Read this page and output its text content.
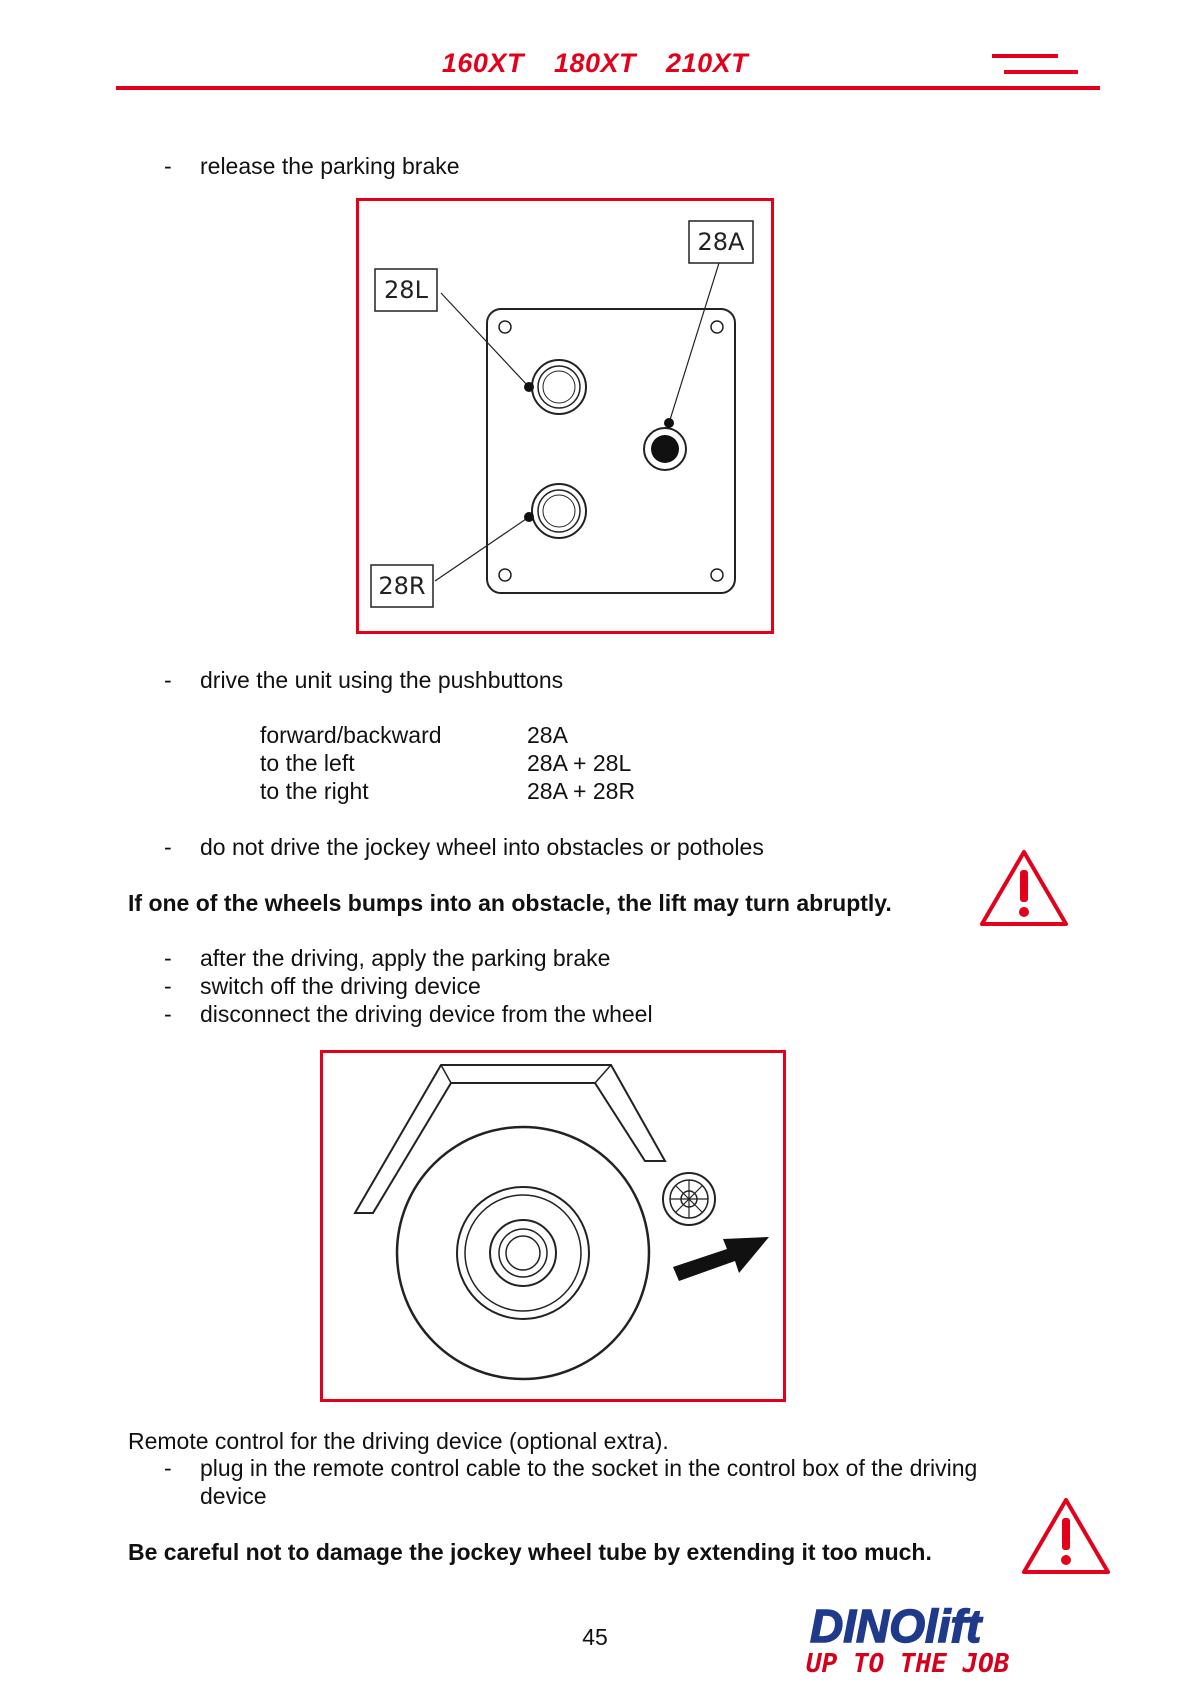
160XT 180XT 210XT
- release the parking brake
28A
28L
28R
- drive the unit using the pushbuttons
forward/backward	28A
to the left	28A + 28L
to the right	28A + 28R
- do not drive the jockey wheel into obstacles or potholes
If one of the wheels bumps into an obstacle, the lift may turn abruptly.
- after the driving, apply the parking brake
- switch off the driving device
- disconnect the driving device from the wheel
Remote control for the driving device (optional extra).
- plug in the remote control cable to the socket in the control box of the driving
device
Be careful not to damage the jockey wheel tube by extending it too much.
45	DINOlift
UP TO THE JOB
